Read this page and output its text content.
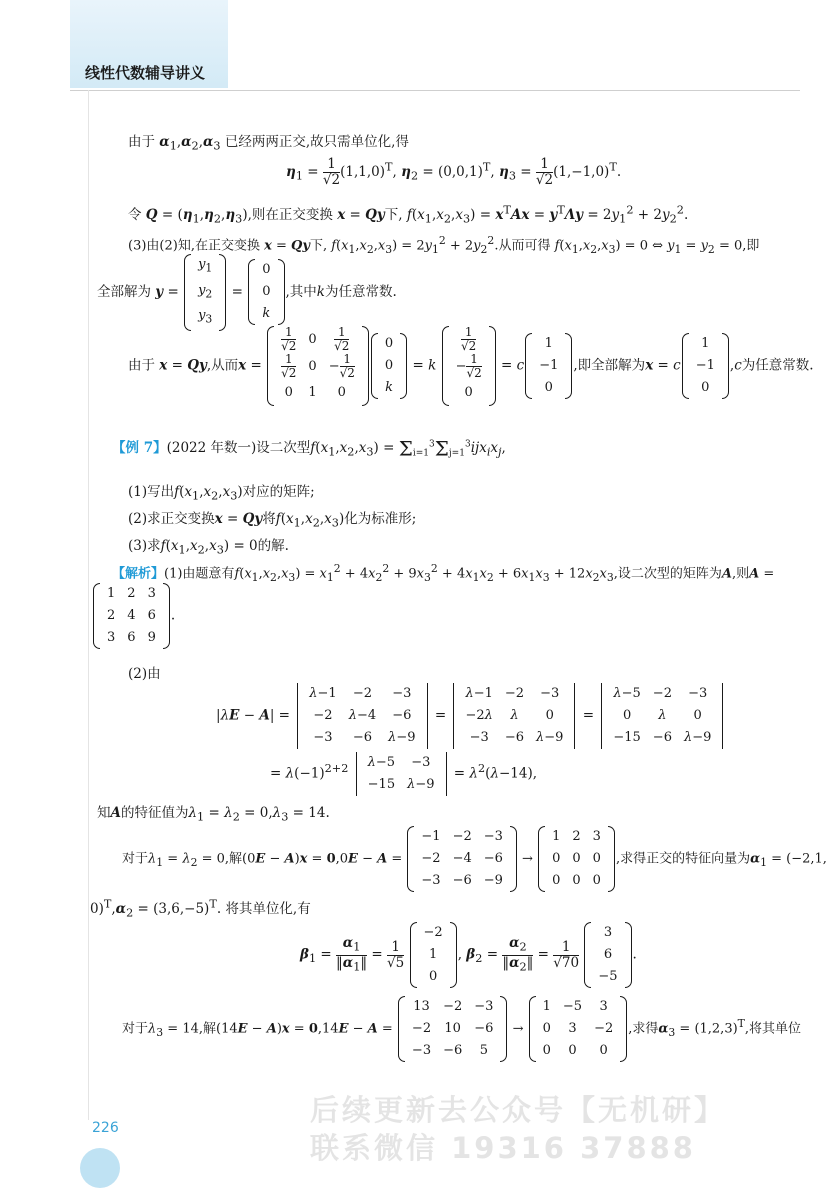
线性代数辅导讲义
由于 $\alpha_1,\alpha_2,\alpha_3$ 已经两两正交,故只需单位化,得
$\eta_1 = \frac{1}{√2} (1,1,0)^T$, $\eta_2 = (0,0,1)^T$, $\eta_3 = \frac{1}{√2} (1,-1,0)^T$.
令 $Q = (\eta_1,\eta_2,\eta_3)$,则在正交变换 x = Qy下, $f(x_1,x_2,x_3) = x^TAx = y^T\Lambda y = 2y_1^2 + 2y_2^2$.
(3)由(2)知,在正交变换 x = Qy下, $f(x_1,x_2,x_3) = 2y_1^2 + 2y_2^2$.从而可得 $f(x_1,x_2,x_3) = 0$ ⇔ $y_1 = y_2 = 0$,即
全部解为 y =
$y_1$
$y_2$
$y_3$
=
0
0
k
,其中k为任意常数.
由于 x = Qy,从而x =
$\frac{1}{√2}$	0	$\frac{1}{√2}$

$\frac{1}{√2}$	0	− $\frac{1}{√2}$

0	1	0
0
0
k
= k
$\frac{1}{√2}$

− $\frac{1}{√2}$

0
= c
1
−1
0
,即全部解为x = c
1
−1
0
,c为任意常数.
【例 7】(2022 年数一)设二次型$f(x_1,x_2,x_3) = \Sigma_{i=1}^3\Sigma_{j=1}^3ijx_ix_j$,
(1)写出$f(x_1,x_2,x_3)$对应的矩阵;
(2)求正交变换x = Qy将$f(x_1,x_2,x_3)$化为标准形;
(3)求$f(x_1,x_2,x_3) = 0$的解.
【解析】(1)由题意有$f(x_1,x_2,x_3) = x_1^2 + 4x_2^2 + 9x_3^2 + 4x_1x_2 + 6x_1x_3 + 12x_2x_3$,设二次型的矩阵为A,则A =
1	2	3
2	4	6
3	6	9
.
(2)由
|λE − A| =
λ−1	−2	−3
−2	λ−4	−6
−3	−6	λ−9
=
λ−1	−2	−3
−2λ	λ	0
−3	−6	λ−9
=
λ−5	−2	−3
0	λ	0
−15	−6	λ−9
= $\lambda(-1)^{2+2}$ λ−5	−3
−15	λ−9
= $\lambda^2(\lambda-14)$,
知A的特征值为$\lambda_1 = \lambda_2 = 0,\lambda_3 = 14$.
对于$\lambda_1 = \lambda_2 = 0$,解(0E − A)x = 0,0E − A =
−1	−2	−3
−2	−4	−6
−3	−6	−9
→
1	2	3
0	0	0
0	0	0
,求得正交的特征向量为$\alpha_1 = (-2,1$,
$0)^T,\alpha_2 = (3,6,-5)^T$. 将其单位化,有
$\beta_1 = \frac{\alpha_1}{‖\alpha_1‖} = \frac{1}{√5}$

−2
1
0
, $\beta_2 = \frac{\alpha_2}{‖\alpha_2‖} = \frac{1}{√70}$

3
6
−5
.
对于$\lambda_3 = 14$,解(14E − A)x = 0,14E − A =
13	−2	−3
−2	10	−6
−3	−6	5
→
1	−5	3
0	3	−2
0	0	0
,求得$\alpha_3 = (1,2,3)^T$,将其单位
226
后续更新去公众号【无机研】
联系微信 19316 37888
